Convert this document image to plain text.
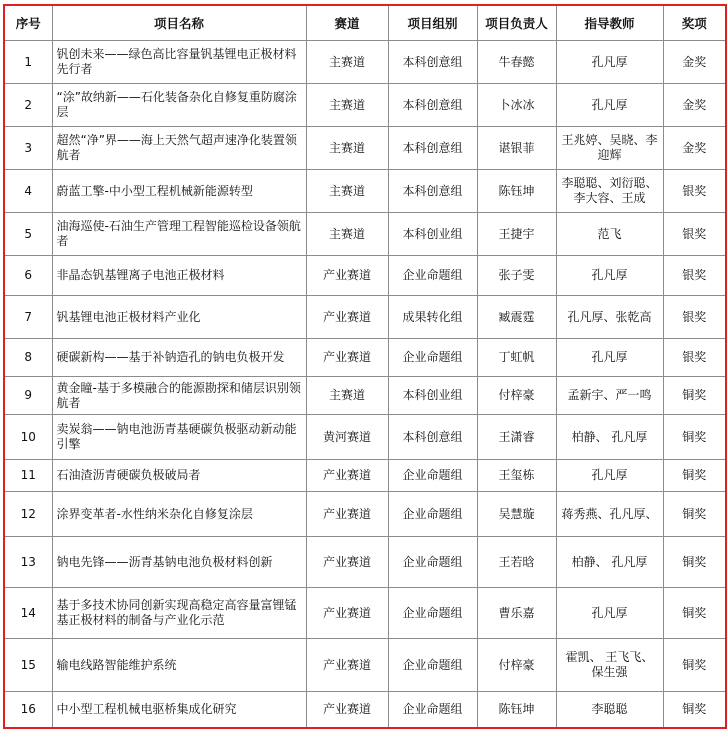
序号	项目名称	赛道	项目组别	项目负责人	指导教师	奖项
1	钒创未来——绿色高比容量钒基锂电正极材料先行者	主赛道	本科创意组	牛春懿	孔凡厚	金奖
2	“涂”故纳新——石化装备杂化自修复重防腐涂层	主赛道	本科创意组	卜冰冰	孔凡厚	金奖
3	超然“净”界——海上天然气超声速净化装置领航者	主赛道	本科创意组	谌银菲	王兆婷、吴晓、李迎辉	金奖
4	蔚蓝工擎-中小型工程机械新能源转型	主赛道	本科创意组	陈钰坤	李聪聪、刘衍聪、李大容、王成	银奖
5	油海巡使-石油生产管理工程智能巡检设备领航者	主赛道	本科创业组	王捷宇	范飞	银奖
6	非晶态钒基锂离子电池正极材料	产业赛道	企业命题组	张子雯	孔凡厚	银奖
7	钒基锂电池正极材料产业化	产业赛道	成果转化组	臧震霆	孔凡厚、张乾高	银奖
8	硬碳新构——基于补钠造孔的钠电负极开发	产业赛道	企业命题组	丁虹帆	孔凡厚	银奖
9	黄金瞳-基于多模融合的能源勘探和储层识别领航者	主赛道	本科创业组	付梓豪	孟新宇、严一鸣	铜奖
10	卖炭翁——钠电池沥青基硬碳负极驱动新动能引擎	黄河赛道	本科创意组	王潇睿	柏静、 孔凡厚	铜奖
11	石油渣沥青硬碳负极破局者	产业赛道	企业命题组	王玺栋	孔凡厚	铜奖
12	涂界变革者-水性纳米杂化自修复涂层	产业赛道	企业命题组	吴慧璇	蒋秀燕、孔凡厚、	铜奖
13	钠电先锋——沥青基钠电池负极材料创新	产业赛道	企业命题组	王若晗	柏静、 孔凡厚	铜奖
14	基于多技术协同创新实现高稳定高容量富锂锰基正极材料的制备与产业化示范	产业赛道	企业命题组	曹乐嘉	孔凡厚	铜奖
15	输电线路智能维护系统	产业赛道	企业命题组	付梓豪	霍凯、 王飞飞、保生强	铜奖
16	中小型工程机械电驱桥集成化研究	产业赛道	企业命题组	陈钰坤	李聪聪	铜奖
